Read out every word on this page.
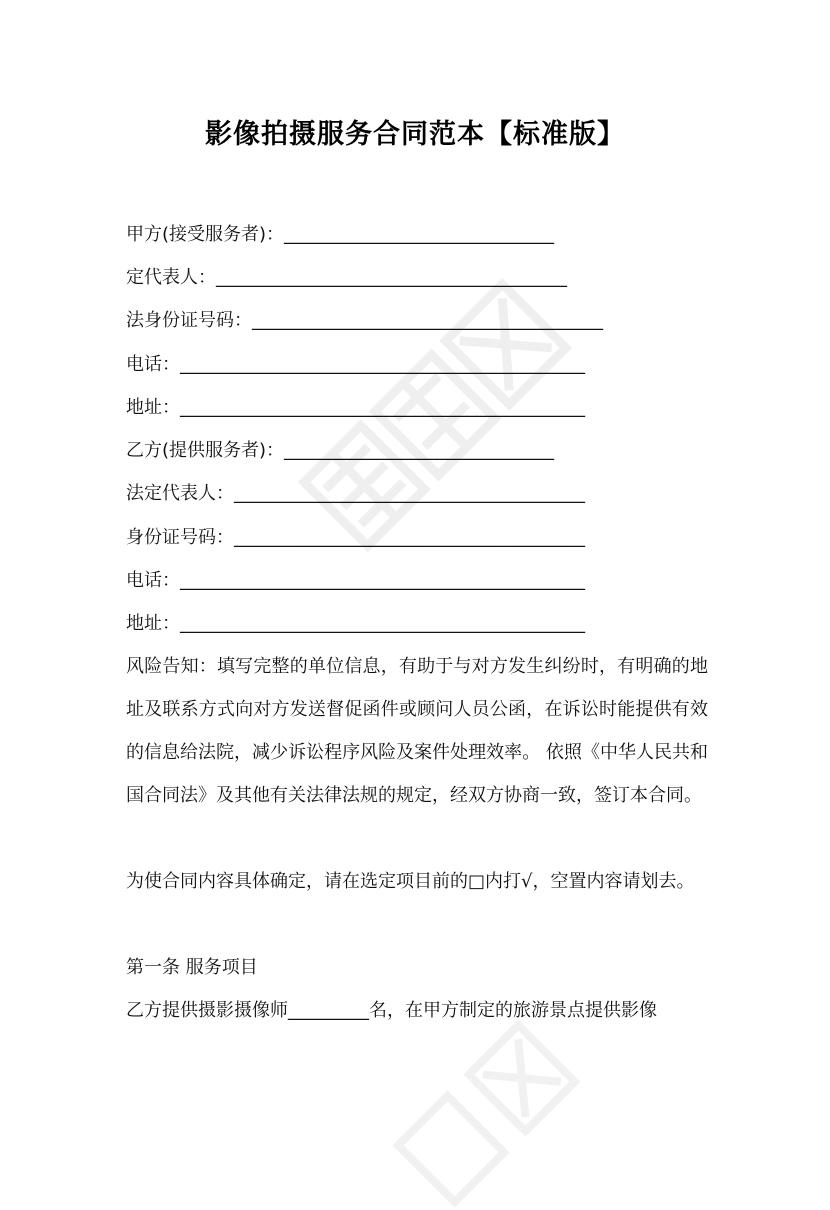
影像拍摄服务合同范本【标准版】
甲方(接受服务者)：______________________________
定代表人：_______________________________________
法身份证号码：_______________________________________
电话：_____________________________________________
地址：_____________________________________________
乙方(提供服务者)：______________________________
法定代表人：_______________________________________
身份证号码：_______________________________________
电话：_____________________________________________
地址：_____________________________________________
风险告知：填写完整的单位信息，有助于与对方发生纠纷时，有明确的地址及联系方式向对方发送督促函件或顾问人员公函，在诉讼时能提供有效的信息给法院，减少诉讼程序风险及案件处理效率。 依照《中华人民共和国合同法》及其他有关法律法规的规定，经双方协商一致，签订本合同。
为使合同内容具体确定，请在选定项目前的□内打√，空置内容请划去。
第一条 服务项目
乙方提供摄影摄像师_________名，在甲方制定的旅游景点提供影像
